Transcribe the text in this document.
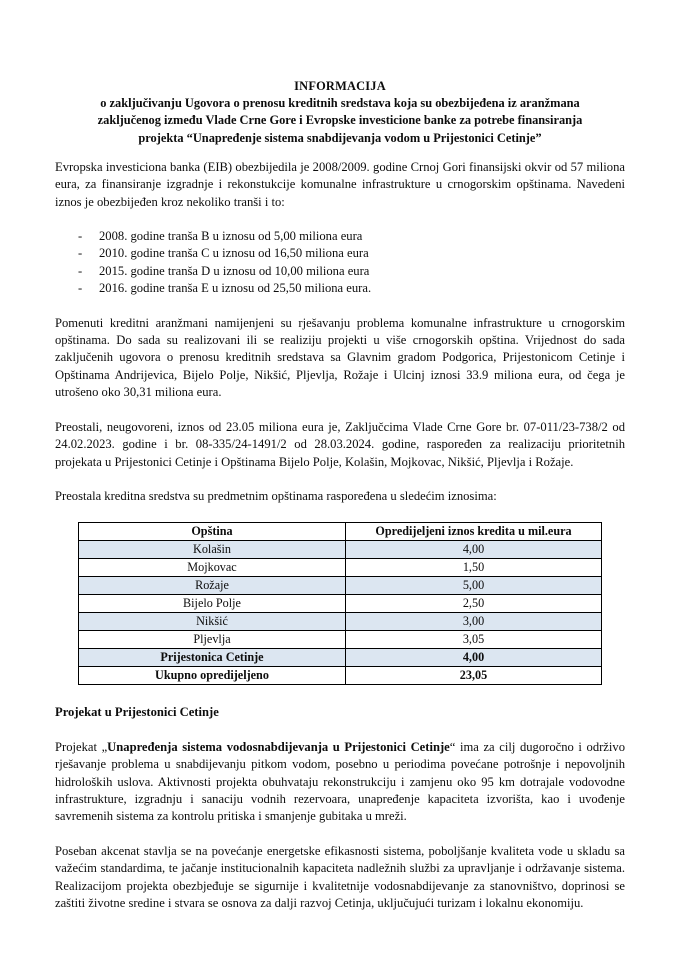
INFORMACIJA
o zaključivanju Ugovora o prenosu kreditnih sredstava koja su obezbijeđena iz aranžmana
zaključenog između Vlade Crne Gore i Evropske investicione banke za potrebe finansiranja
projekta “Unapređenje sistema snabdijevanja vodom u Prijestonici Cetinje”

Evropska investiciona banka (EIB) obezbijedila je 2008/2009. godine Crnoj Gori finansijski okvir od 57 miliona eura, za finansiranje izgradnje i rekonstukcije komunalne infrastrukture u crnogorskim opštinama. Navedeni iznos je obezbijeđen kroz nekoliko tranši i to:

- 2008. godine tranša B u iznosu od 5,00 miliona eura
- 2010. godine tranša C u iznosu od 16,50 miliona eura
- 2015. godine tranša D u iznosu od 10,00 miliona eura
- 2016. godine tranša E u iznosu od 25,50 miliona eura.

Pomenuti kreditni aranžmani namijenjeni su rješavanju problema komunalne infrastrukture u crnogorskim opštinama. Do sada su realizovani ili se realiziju projekti u više crnogorskih opština. Vrijednost do sada zaključenih ugovora o prenosu kreditnih sredstava sa Glavnim gradom Podgorica, Prijestonicom Cetinje i Opštinama Andrijevica, Bijelo Polje, Nikšić, Pljevlja, Rožaje i Ulcinj iznosi 33.9 miliona eura, od čega je utrošeno oko 30,31 miliona eura.

Preostali, neugovoreni, iznos od 23.05 miliona eura je, Zaključcima Vlade Crne Gore br. 07-011/23-738/2 od 24.02.2023. godine i br. 08-335/24-1491/2 od 28.03.2024. godine, raspoređen za realizaciju prioritetnih projekata u Prijestonici Cetinje i Opštinama Bijelo Polje, Kolašin, Mojkovac, Nikšić, Pljevlja i Rožaje.

Preostala kreditna sredstva su predmetnim opštinama raspoređena u sledećim iznosima:

Opština	Opredijeljeni iznos kredita u mil.eura
Kolašin	4,00
Mojkovac	1,50
Rožaje	5,00
Bijelo Polje	2,50
Nikšić	3,00
Pljevlja	3,05
Prijestonica Cetinje	4,00
Ukupno opredijeljeno	23,05
Projekat u Prijestonici Cetinje

Projekat „Unapređenja sistema vodosnabdijevanja u Prijestonici Cetinje“ ima za cilj dugoročno i održivo rješavanje problema u snabdijevanju pitkom vodom, posebno u periodima povećane potrošnje i nepovoljnih hidroloških uslova. Aktivnosti projekta obuhvataju rekonstrukciju i zamjenu oko 95 km dotrajale vodovodne infrastrukture, izgradnju i sanaciju vodnih rezervoara, unapređenje kapaciteta izvorišta, kao i uvođenje savremenih sistema za kontrolu pritiska i smanjenje gubitaka u mreži.

Poseban akcenat stavlja se na povećanje energetske efikasnosti sistema, poboljšanje kvaliteta vode u skladu sa važećim standardima, te jačanje institucionalnih kapaciteta nadležnih službi za upravljanje i održavanje sistema. Realizacijom projekta obezbjeđuje se sigurnije i kvalitetnije vodosnabdijevanje za stanovništvo, doprinosi se zaštiti životne sredine i stvara se osnova za dalji razvoj Cetinja, uključujući turizam i lokalnu ekonomiju.
